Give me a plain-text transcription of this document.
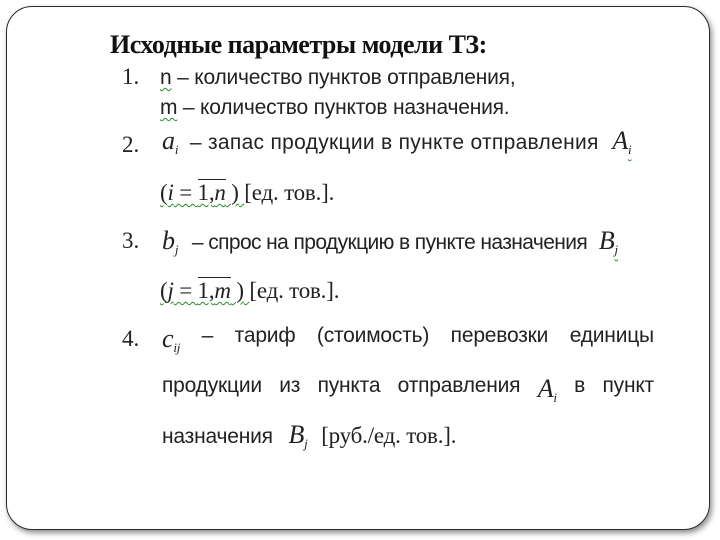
Исходные параметры модели ТЗ:
1. n – количество пунктов отправления,
m – количество пунктов назначения.
2. $a_i$ – запас продукции в пункте отправления $A_i$
(i = 1,n ) [ед. тов.].
3. $b_j$ – спрос на продукцию в пункте назначения $B_j$
(j = 1,m ) [ед. тов.].
4. $c_{ij}$
– тариф (стоимость) перевозки единицы
продукции из пункта отправления $A_i$
в пункт
назначения $B_j$ [руб./ед. тов.].
